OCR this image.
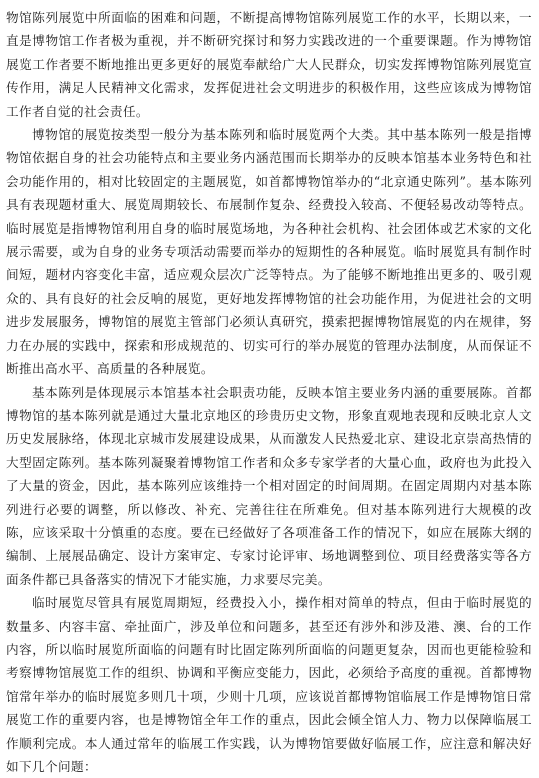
物馆陈列展览中所面临的困难和问题，不断提高博物馆陈列展览工作的水平，长期以来，一直是博物馆工作者极为重视，并不断研究探讨和努力实践改进的一个重要课题。作为博物馆展览工作者要不断地推出更多更好的展览奉献给广大人民群众，切实发挥博物馆陈列展览宣传作用，满足人民精神文化需求，发挥促进社会文明进步的积极作用，这些应该成为博物馆工作者自觉的社会责任。

博物馆的展览按类型一般分为基本陈列和临时展览两个大类。其中基本陈列一般是指博物馆依据自身的社会功能特点和主要业务内涵范围而长期举办的反映本馆基本业务特色和社会功能作用的，相对比较固定的主题展览，如首都博物馆举办的“北京通史陈列”。基本陈列具有表现题材重大、展览周期较长、布展制作复杂、经费投入较高、不便轻易改动等特点。临时展览是指博物馆利用自身的临时展览场地，为各种社会机构、社会团体或艺术家的文化展示需要，或为自身的业务专项活动需要而举办的短期性的各种展览。临时展览具有制作时间短，题材内容变化丰富，适应观众层次广泛等特点。为了能够不断地推出更多的、吸引观众的、具有良好的社会反响的展览，更好地发挥博物馆的社会功能作用，为促进社会的文明进步发展服务，博物馆的展览主管部门必须认真研究，摸索把握博物馆展览的内在规律，努力在办展的实践中，探索和形成规范的、切实可行的举办展览的管理办法制度，从而保证不断推出高水平、高质量的各种展览。

基本陈列是体现展示本馆基本社会职责功能，反映本馆主要业务内涵的重要展陈。首都博物馆的基本陈列就是通过大量北京地区的珍贵历史文物，形象直观地表现和反映北京人文历史发展脉络，体现北京城市发展建设成果，从而激发人民热爱北京、建设北京崇高热情的大型固定陈列。基本陈列凝聚着博物馆工作者和众多专家学者的大量心血，政府也为此投入了大量的资金，因此，基本陈列应该维持一个相对固定的时间周期。在固定周期内对基本陈列进行必要的调整，所以修改、补充、完善往往在所难免。但对基本陈列进行大规模的改陈，应该采取十分慎重的态度。要在已经做好了各项准备工作的情况下，如应在展陈大纲的编制、上展展品确定、设计方案审定、专家讨论评审、场地调整到位、项目经费落实等各方面条件都已具备落实的情况下才能实施，力求要尽完美。

临时展览尽管具有展览周期短，经费投入小，操作相对简单的特点，但由于临时展览的数量多、内容丰富、牵扯面广，涉及单位和问题多，甚至还有涉外和涉及港、澳、台的工作内容，所以临时展览所面临的问题有时比固定陈列所面临的问题更复杂，因而也更能检验和考察博物馆展览工作的组织、协调和平衡应变能力，因此，必须给予高度的重视。首都博物馆常年举办的临时展览多则几十项，少则十几项，应该说首都博物馆临展工作是博物馆日常展览工作的重要内容，也是博物馆全年工作的重点，因此会倾全馆人力、物力以保障临展工作顺利完成。本人通过常年的临展工作实践，认为博物馆要做好临展工作，应注意和解决好如下几个问题：
